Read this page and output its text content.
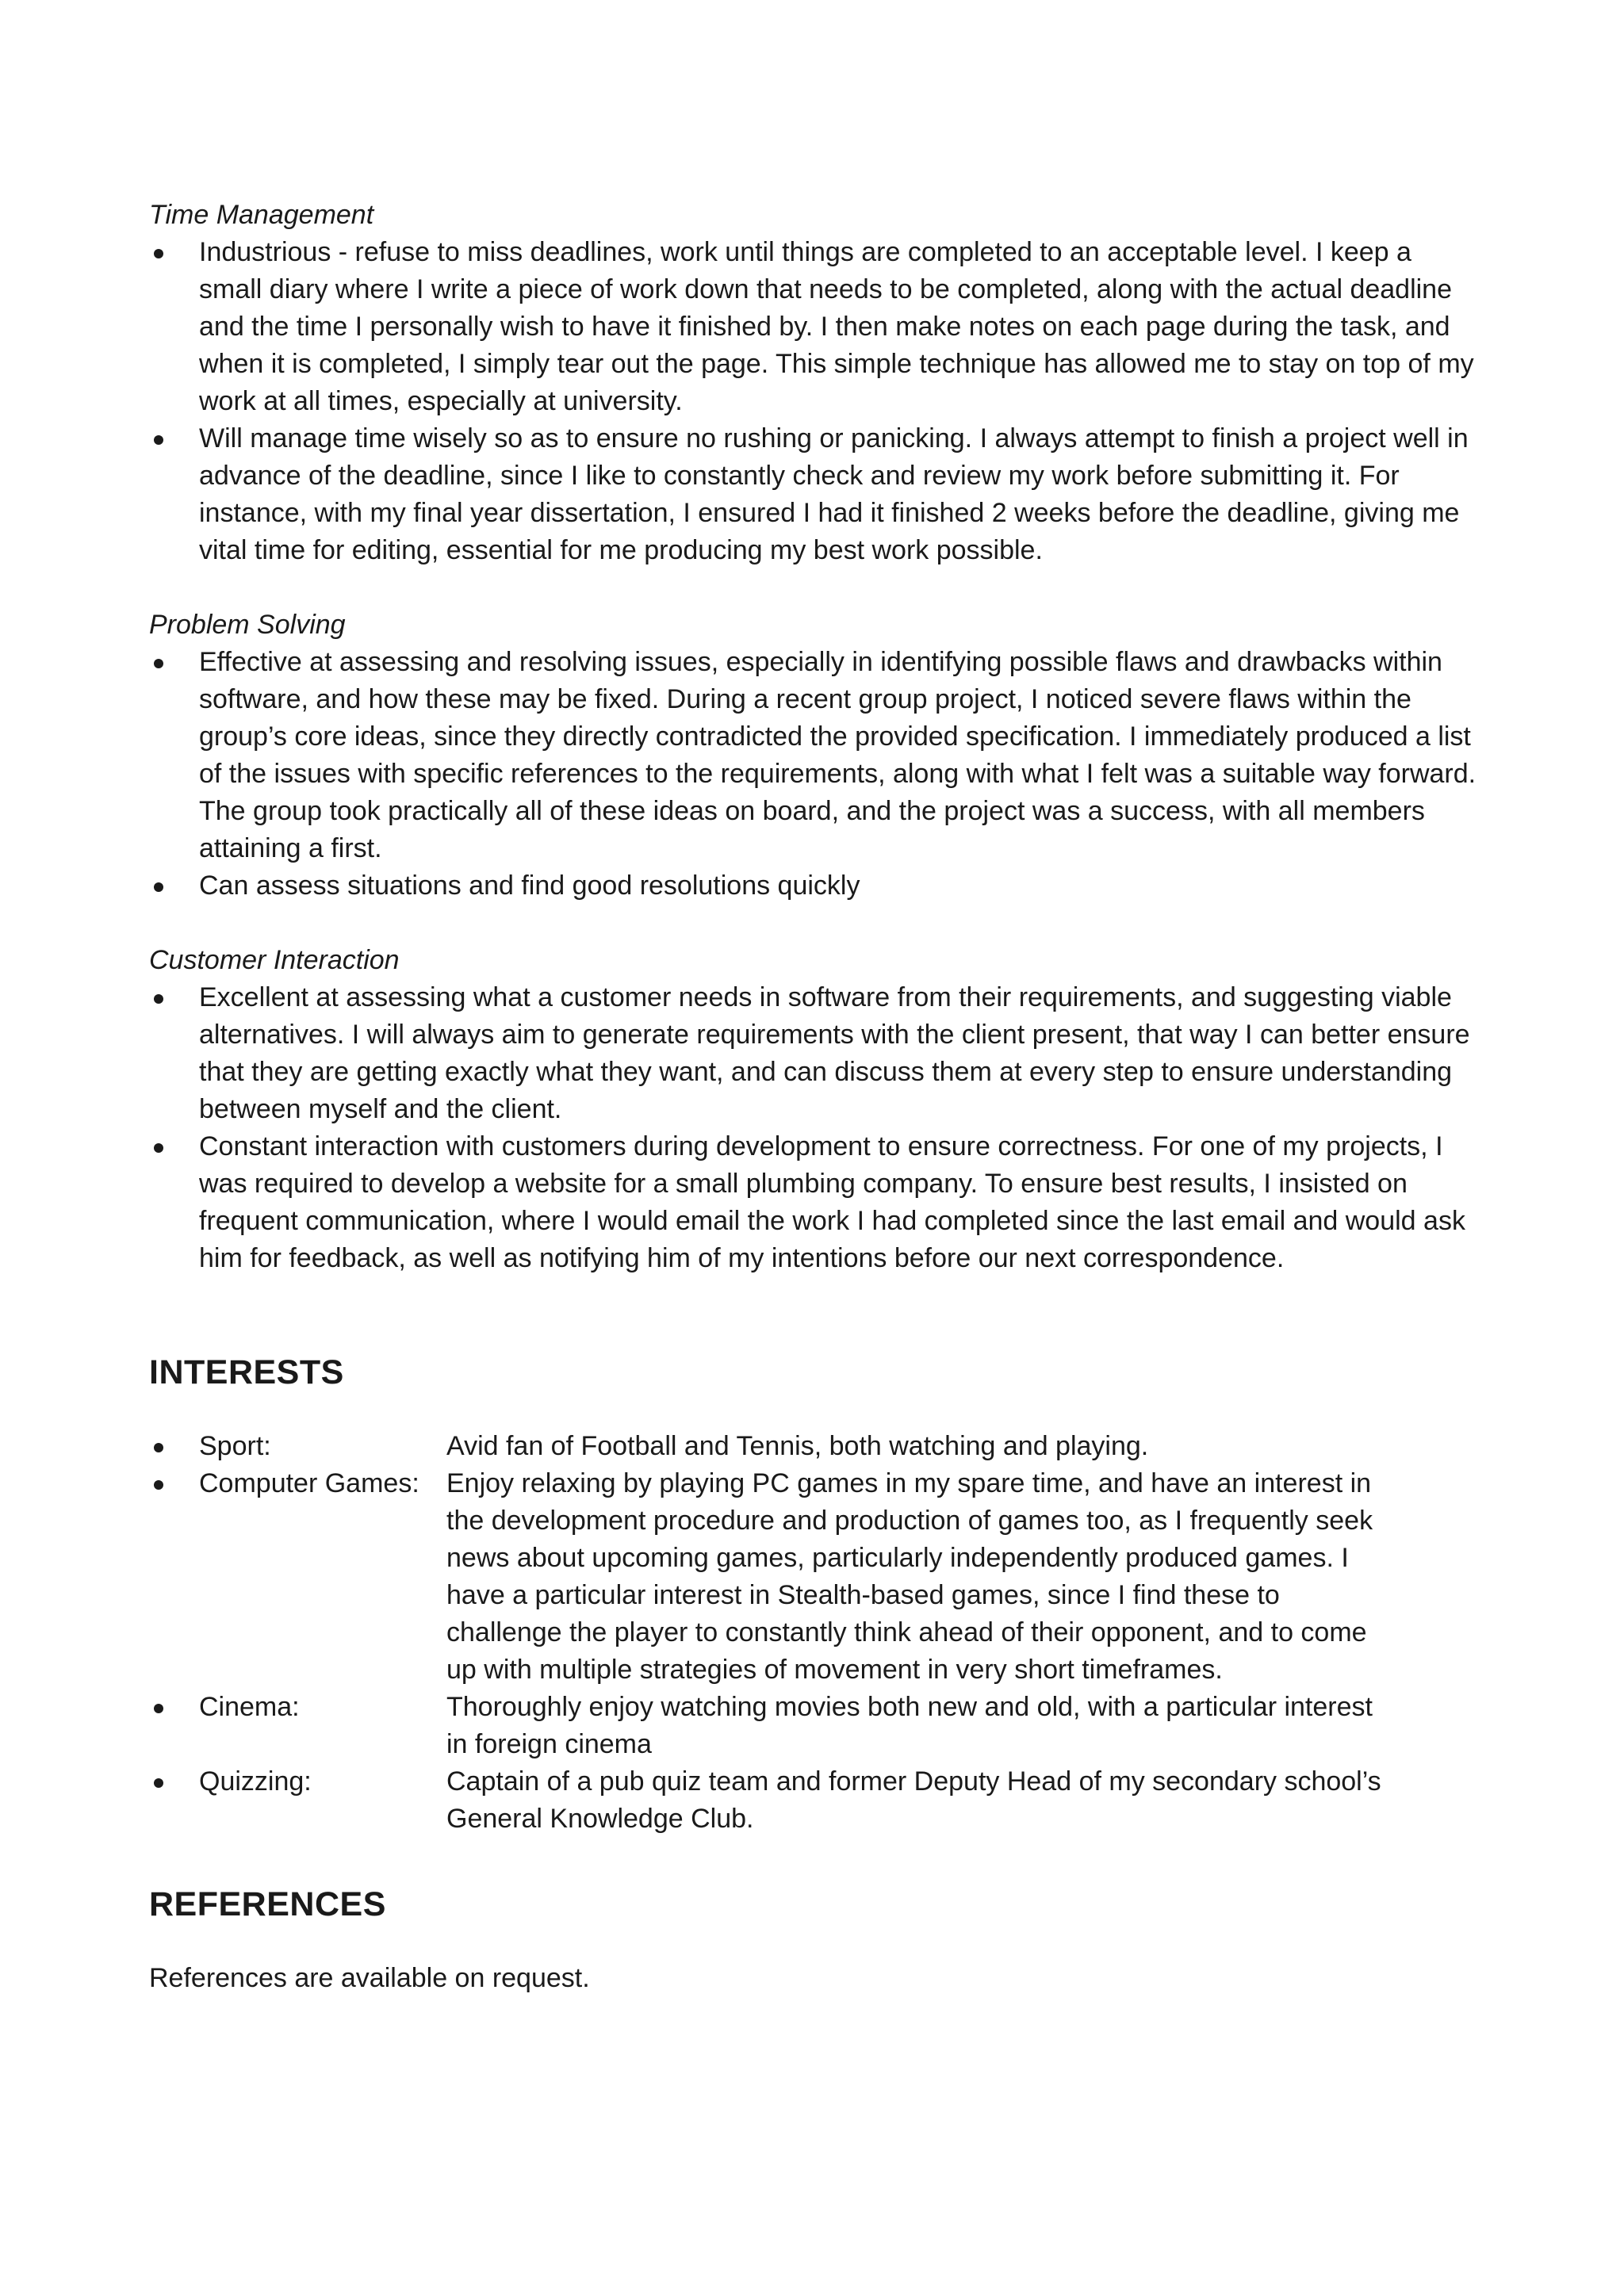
Time Management

Industrious - refuse to miss deadlines, work until things are completed to an acceptable level. I keep a small diary where I write a piece of work down that needs to be completed, along with the actual deadline and the time I personally wish to have it finished by. I then make notes on each page during the task, and when it is completed, I simply tear out the page. This simple technique has allowed me to stay on top of my work at all times, especially at university.
Will manage time wisely so as to ensure no rushing or panicking. I always attempt to finish a project well in advance of the deadline, since I like to constantly check and review my work before submitting it. For instance, with my final year dissertation, I ensured I had it finished 2 weeks before the deadline, giving me vital time for editing, essential for me producing my best work possible.

Problem Solving

Effective at assessing and resolving issues, especially in identifying possible flaws and drawbacks within software, and how these may be fixed. During a recent group project, I noticed severe flaws within the group’s core ideas, since they directly contradicted the provided specification. I immediately produced a list of the issues with specific references to the requirements, along with what I felt was a suitable way forward. The group took practically all of these ideas on board, and the project was a success, with all members attaining a first.
Can assess situations and find good resolutions quickly

Customer Interaction

Excellent at assessing what a customer needs in software from their requirements, and suggesting viable alternatives. I will always aim to generate requirements with the client present, that way I can better ensure that they are getting exactly what they want, and can discuss them at every step to ensure understanding between myself and the client.
Constant interaction with customers during development to ensure correctness. For one of my projects, I was required to develop a website for a small plumbing company. To ensure best results, I insisted on frequent communication, where I would email the work I had completed since the last email and would ask him for feedback, as well as notifying him of my intentions before our next correspondence.
INTERESTS
Sport:	Avid fan of Football and Tennis, both watching and playing.
Computer Games:	Enjoy relaxing by playing PC games in my spare time, and have an interest in the development procedure and production of games too, as I frequently seek news about upcoming games, particularly independently produced games. I have a particular interest in Stealth-based games, since I find these to challenge the player to constantly think ahead of their opponent, and to come up with multiple strategies of movement in very short timeframes.
Cinema:	Thoroughly enjoy watching movies both new and old, with a particular interest in foreign cinema
Quizzing:	Captain of a pub quiz team and former Deputy Head of my secondary school’s General Knowledge Club.
REFERENCES

References are available on request.
